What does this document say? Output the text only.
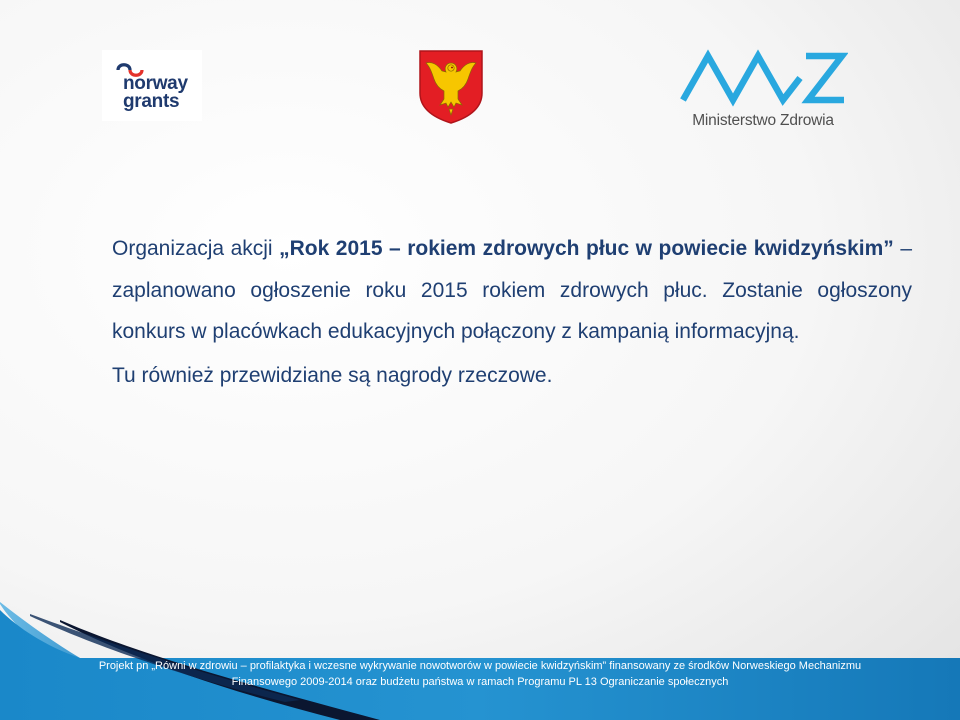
norway
grants
Ministerstwo Zdrowia

Organizacja akcji „Rok 2015 – rokiem zdrowych płuc w powiecie kwidzyńskim” – zaplanowano ogłoszenie roku 2015 rokiem zdrowych płuc. Zostanie ogłoszony konkurs w placówkach edukacyjnych połączony z kampanią informacyjną.

Tu również przewidziane są nagrody rzeczowe.

Projekt pn „Równi w zdrowiu – profilaktyka i wczesne wykrywanie nowotworów w powiecie kwidzyńskim” finansowany ze środków Norweskiego Mechanizmu
Finansowego 2009-2014 oraz budżetu państwa w ramach Programu PL 13 Ograniczanie społecznych
